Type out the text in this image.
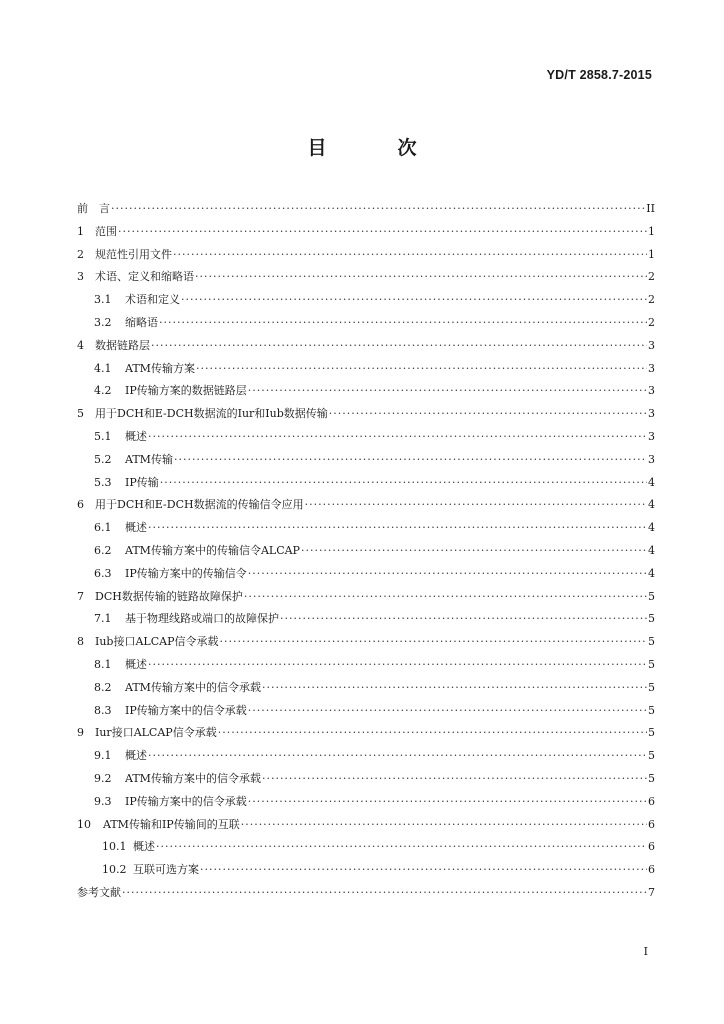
YD/T 2858.7-2015
目　次
前　言 ·····	II
1 范围 ·····	1
2 规范性引用文件 ·····	1
3 术语、定义和缩略语 ·····	2
3.1	术语和定义 ·····	2
3.2	缩略语 ·····	2
4 数据链路层 ·····	3
4.1	ATM传输方案 ·····	3
4.2	IP传输方案的数据链路层 ·····	3
5 用于DCH和E-DCH数据流的Iur和Iub数据传输 ·····	3
5.1	概述 ·····	3
5.2	ATM传输 ·····	3
5.3	IP传输 ·····	4
6 用于DCH和E-DCH数据流的传输信令应用 ·····	4
6.1	概述 ·····	4
6.2	ATM传输方案中的传输信令ALCAP ·····	4
6.3	IP传输方案中的传输信令 ·····	4
7 DCH数据传输的链路故障保护 ·····	5
7.1	基于物理线路或端口的故障保护 ·····	5
8 Iub接口ALCAP信令承载 ·····	5
8.1	概述 ·····	5
8.2	ATM传输方案中的信令承载 ·····	5
8.3	IP传输方案中的信令承载 ·····	5
9 Iur接口ALCAP信令承载 ·····	5
9.1	概述 ·····	5
9.2	ATM传输方案中的信令承载 ·····	5
9.3	IP传输方案中的信令承载 ·····	6
10	ATM传输和IP传输间的互联 ·····	6
10.1 概述 ·····	6
10.2 互联可选方案 ·····	6
参考文献 ·····	7
I
